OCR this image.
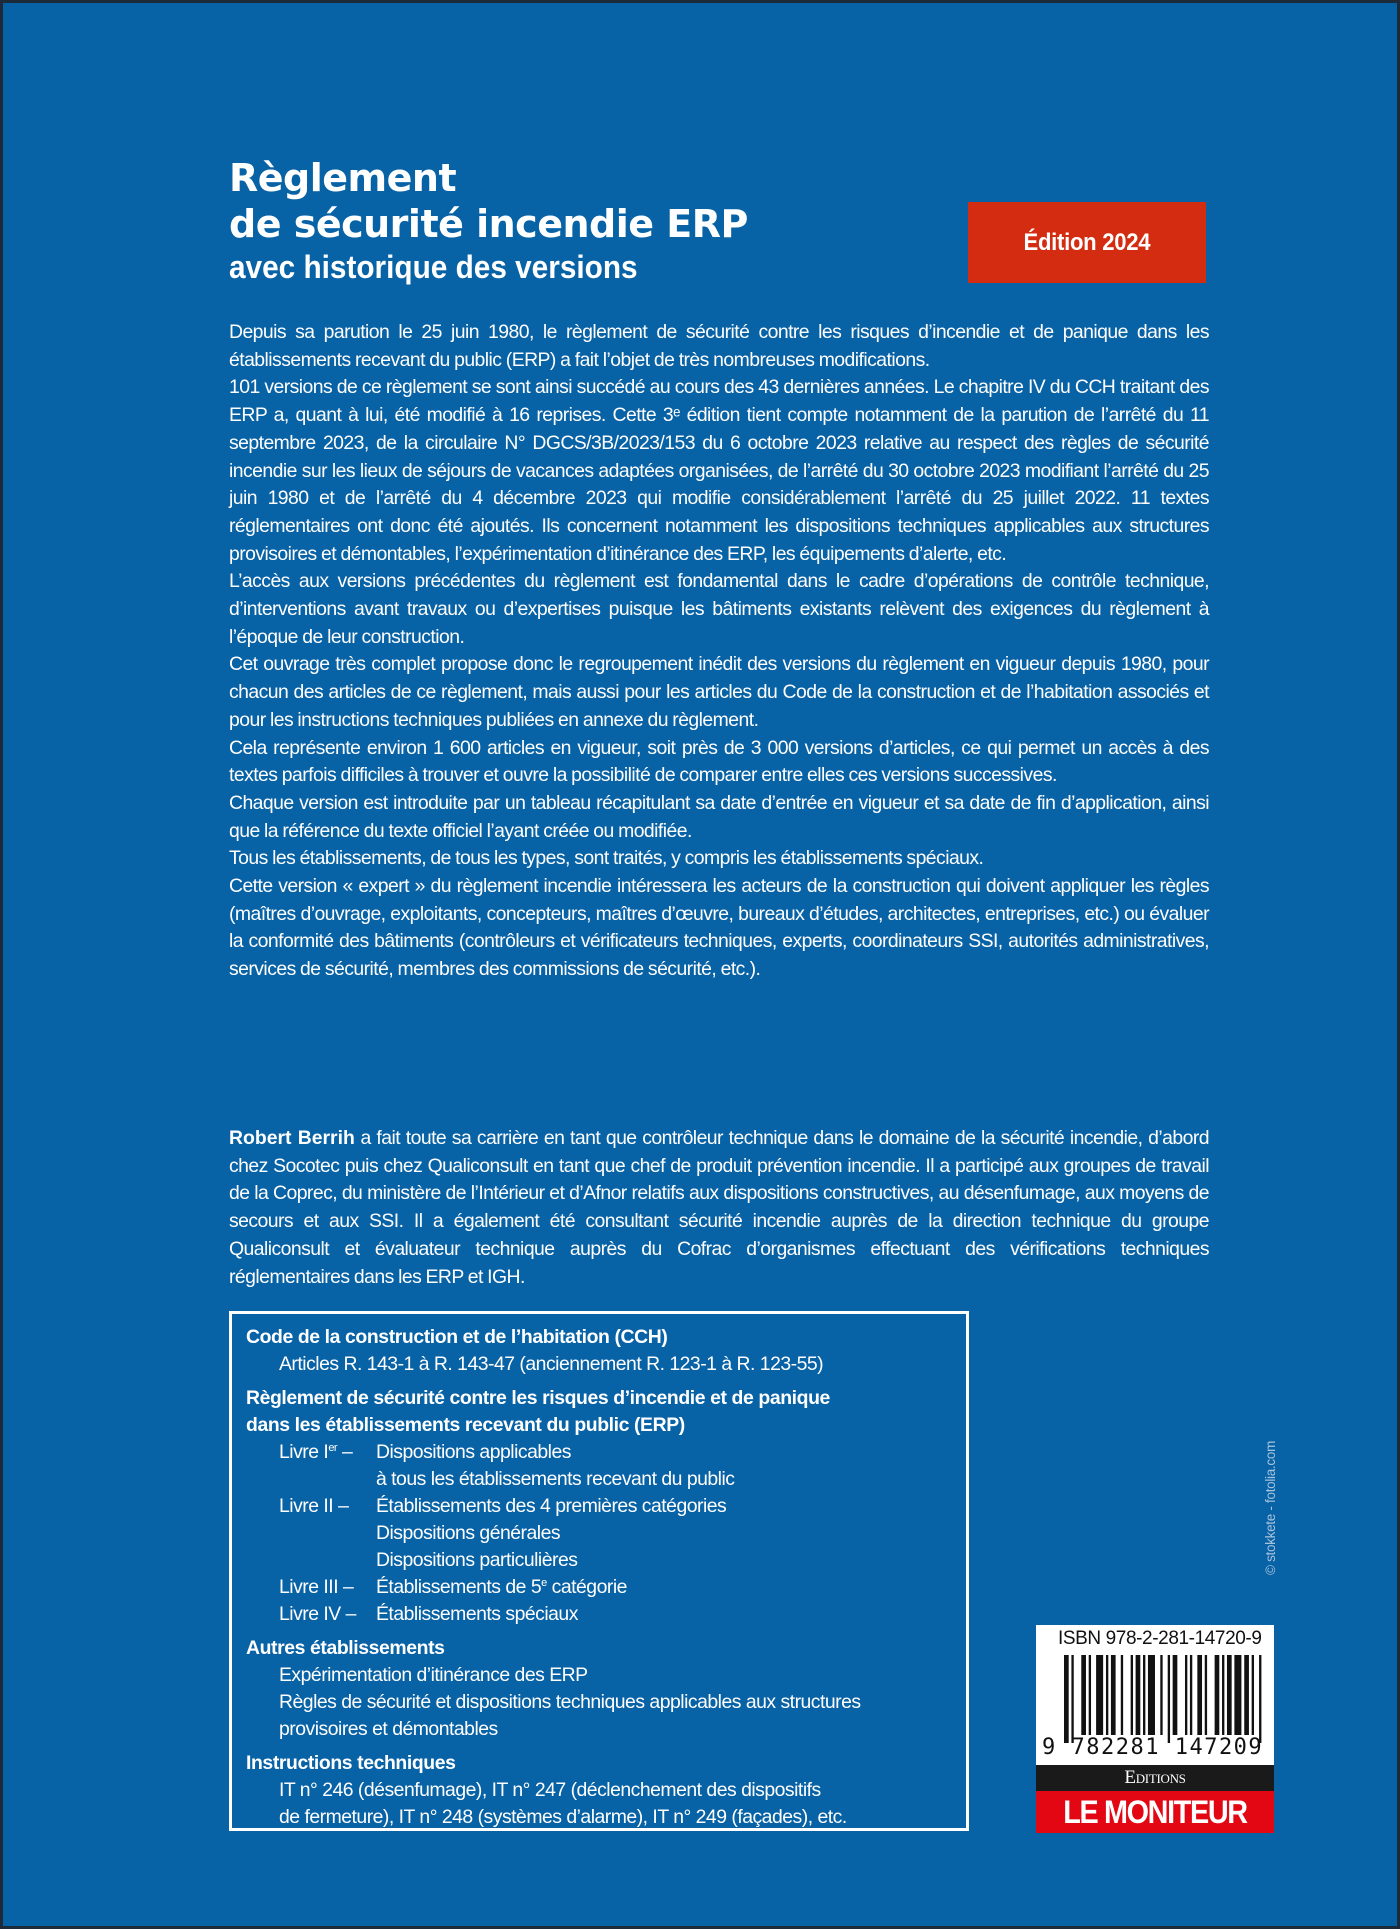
Règlement
de sécurité incendie ERP
avec historique des versions
Édition 2024

Depuis sa parution le 25 juin 1980, le règlement de sécurité contre les risques d’incendie et de panique dans les établissements recevant du public (ERP) a fait l’objet de très nombreuses modifications.

101 versions de ce règlement se sont ainsi succédé au cours des 43 dernières années. Le chapitre IV du CCH traitant des ERP a, quant à lui, été modifié à 16 reprises. Cette 3ᵉ édition tient compte notamment de la parution de l’arrêté du 11 septembre 2023, de la circulaire N° DGCS/3B/2023/153 du 6 octobre 2023 relative au respect des règles de sécurité incendie sur les lieux de séjours de vacances adaptées organisées, de l’arrêté du 30 octobre 2023 modifiant l’arrêté du 25 juin 1980 et de l’arrêté du 4 décembre 2023 qui modifie considérablement l’arrêté du 25 juillet 2022. 11 textes réglementaires ont donc été ajoutés. Ils concernent notamment les dispositions techniques applicables aux structures provisoires et démontables, l’expérimentation d’itinérance des ERP, les équipements d’alerte, etc.

L’accès aux versions précédentes du règlement est fondamental dans le cadre d’opérations de contrôle technique, d’interventions avant travaux ou d’expertises puisque les bâtiments existants relèvent des exigences du règlement à l’époque de leur construction.

Cet ouvrage très complet propose donc le regroupement inédit des versions du règlement en vigueur depuis 1980, pour chacun des articles de ce règlement, mais aussi pour les articles du Code de la construction et de l’habitation associés et pour les instructions techniques publiées en annexe du règlement.

Cela représente environ 1 600 articles en vigueur, soit près de 3 000 versions d’articles, ce qui permet un accès à des textes parfois difficiles à trouver et ouvre la possibilité de comparer entre elles ces versions successives.

Chaque version est introduite par un tableau récapitulant sa date d’entrée en vigueur et sa date de fin d’application, ainsi que la référence du texte officiel l’ayant créée ou modifiée.

Tous les établissements, de tous les types, sont traités, y compris les établissements spéciaux.

Cette version « expert » du règlement incendie intéressera les acteurs de la construction qui doivent appliquer les règles (maîtres d’ouvrage, exploitants, concepteurs, maîtres d’œuvre, bureaux d’études, architectes, entreprises, etc.) ou évaluer la conformité des bâtiments (contrôleurs et vérificateurs techniques, experts, coordinateurs SSI, autorités administratives, services de sécurité, membres des commissions de sécurité, etc.).

Robert Berrih a fait toute sa carrière en tant que contrôleur technique dans le domaine de la sécurité incendie, d’abord chez Socotec puis chez Qualiconsult en tant que chef de produit prévention incendie. Il a participé aux groupes de travail de la Coprec, du ministère de l’Intérieur et d’Afnor relatifs aux dispositions constructives, au désenfumage, aux moyens de secours et aux SSI. Il a également été consultant sécurité incendie auprès de la direction technique du groupe Qualiconsult et évaluateur technique auprès du Cofrac d’organismes effectuant des vérifications techniques réglementaires dans les ERP et IGH.

Code de la construction et de l’habitation (CCH)
Articles R. 143-1 à R. 143-47 (anciennement R. 123-1 à R. 123-55)
Règlement de sécurité contre les risques d’incendie et de panique
dans les établissements recevant du public (ERP)
Livre Ier –	Dispositions applicables
à tous les établissements recevant du public
Livre II –	Établissements des 4 premières catégories
Dispositions générales
Dispositions particulières
Livre III –	Établissements de 5e catégorie
Livre IV –	Établissements spéciaux
Autres établissements
Expérimentation d’itinérance des ERP
Règles de sécurité et dispositions techniques applicables aux structures
provisoires et démontables
Instructions techniques
IT n° 246 (désenfumage), IT n° 247 (déclenchement des dispositifs
de fermeture), IT n° 248 (systèmes d’alarme), IT n° 249 (façades), etc.
© stokkete - fotolia.com
ISBN 978-2-281-14720-9
9 782281 147209
Editions
LE MONITEUR
